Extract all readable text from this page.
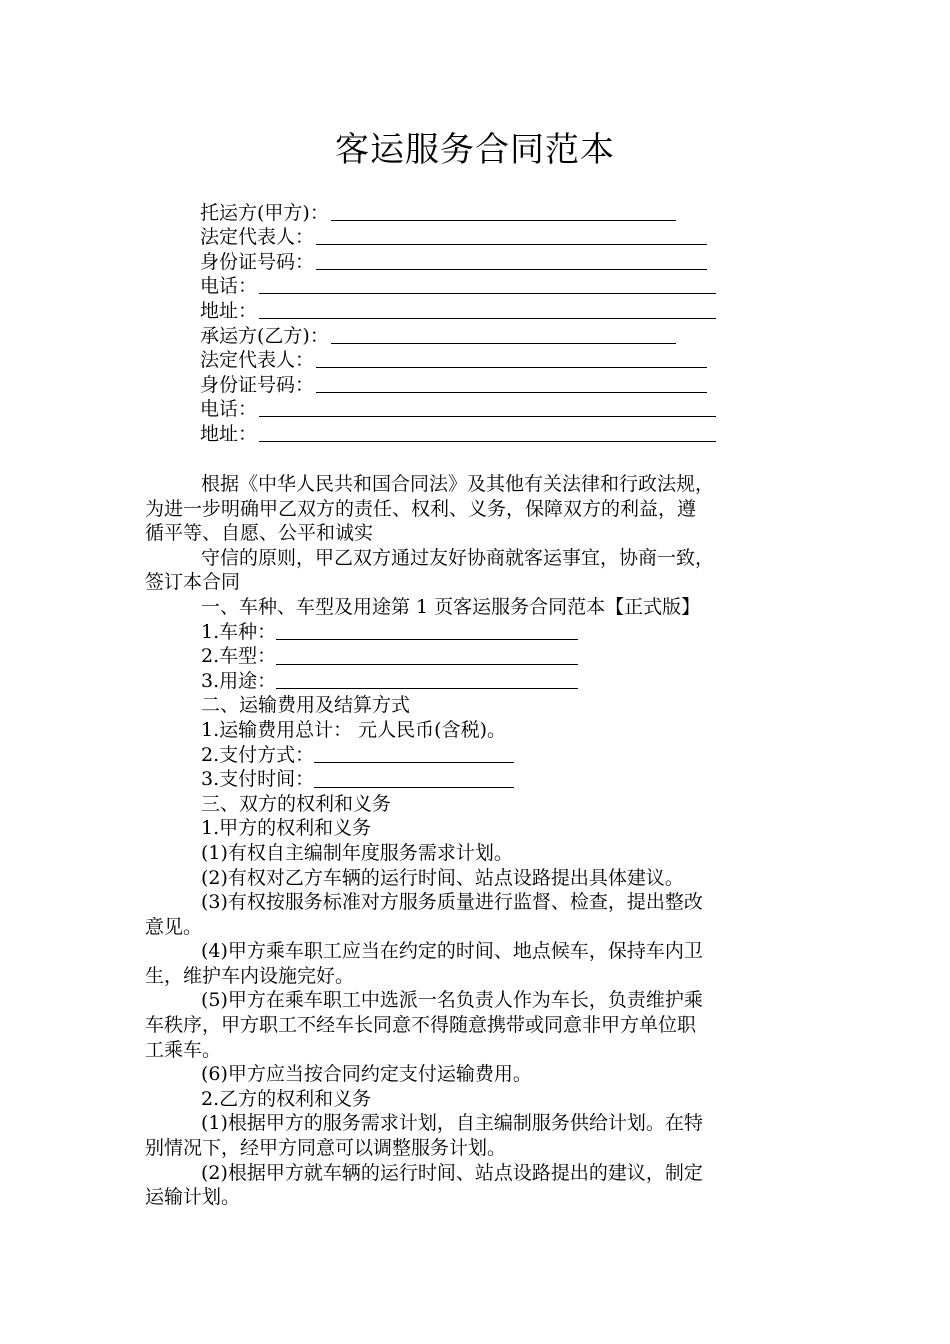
客运服务合同范本
托运方(甲方)：
法定代表人：
身份证号码：
电话：
地址：
承运方(乙方)：
法定代表人：
身份证号码：
电话：
地址：

根据《中华人民共和国合同法》及其他有关法律和行政法规，

为进一步明确甲乙双方的责任、权利、义务，保障双方的利益，遵

循平等、自愿、公平和诚实

守信的原则，甲乙双方通过友好协商就客运事宜，协商一致，

签订本合同

一、车种、车型及用途第 1 页客运服务合同范本【正式版】

1.车种：
2.车型：
3.用途：

二、运输费用及结算方式

1.运输费用总计： 元人民币(含税)。

2.支付方式：
3.支付时间：

三、双方的权利和义务

1.甲方的权利和义务

(1)有权自主编制年度服务需求计划。

(2)有权对乙方车辆的运行时间、站点设路提出具体建议。

(3)有权按服务标准对方服务质量进行监督、检查，提出整改

意见。

(4)甲方乘车职工应当在约定的时间、地点候车，保持车内卫

生，维护车内设施完好。

(5)甲方在乘车职工中选派一名负责人作为车长，负责维护乘

车秩序，甲方职工不经车长同意不得随意携带或同意非甲方单位职

工乘车。

(6)甲方应当按合同约定支付运输费用。

2.乙方的权利和义务

(1)根据甲方的服务需求计划，自主编制服务供给计划。在特

别情况下，经甲方同意可以调整服务计划。

(2)根据甲方就车辆的运行时间、站点设路提出的建议，制定

运输计划。
